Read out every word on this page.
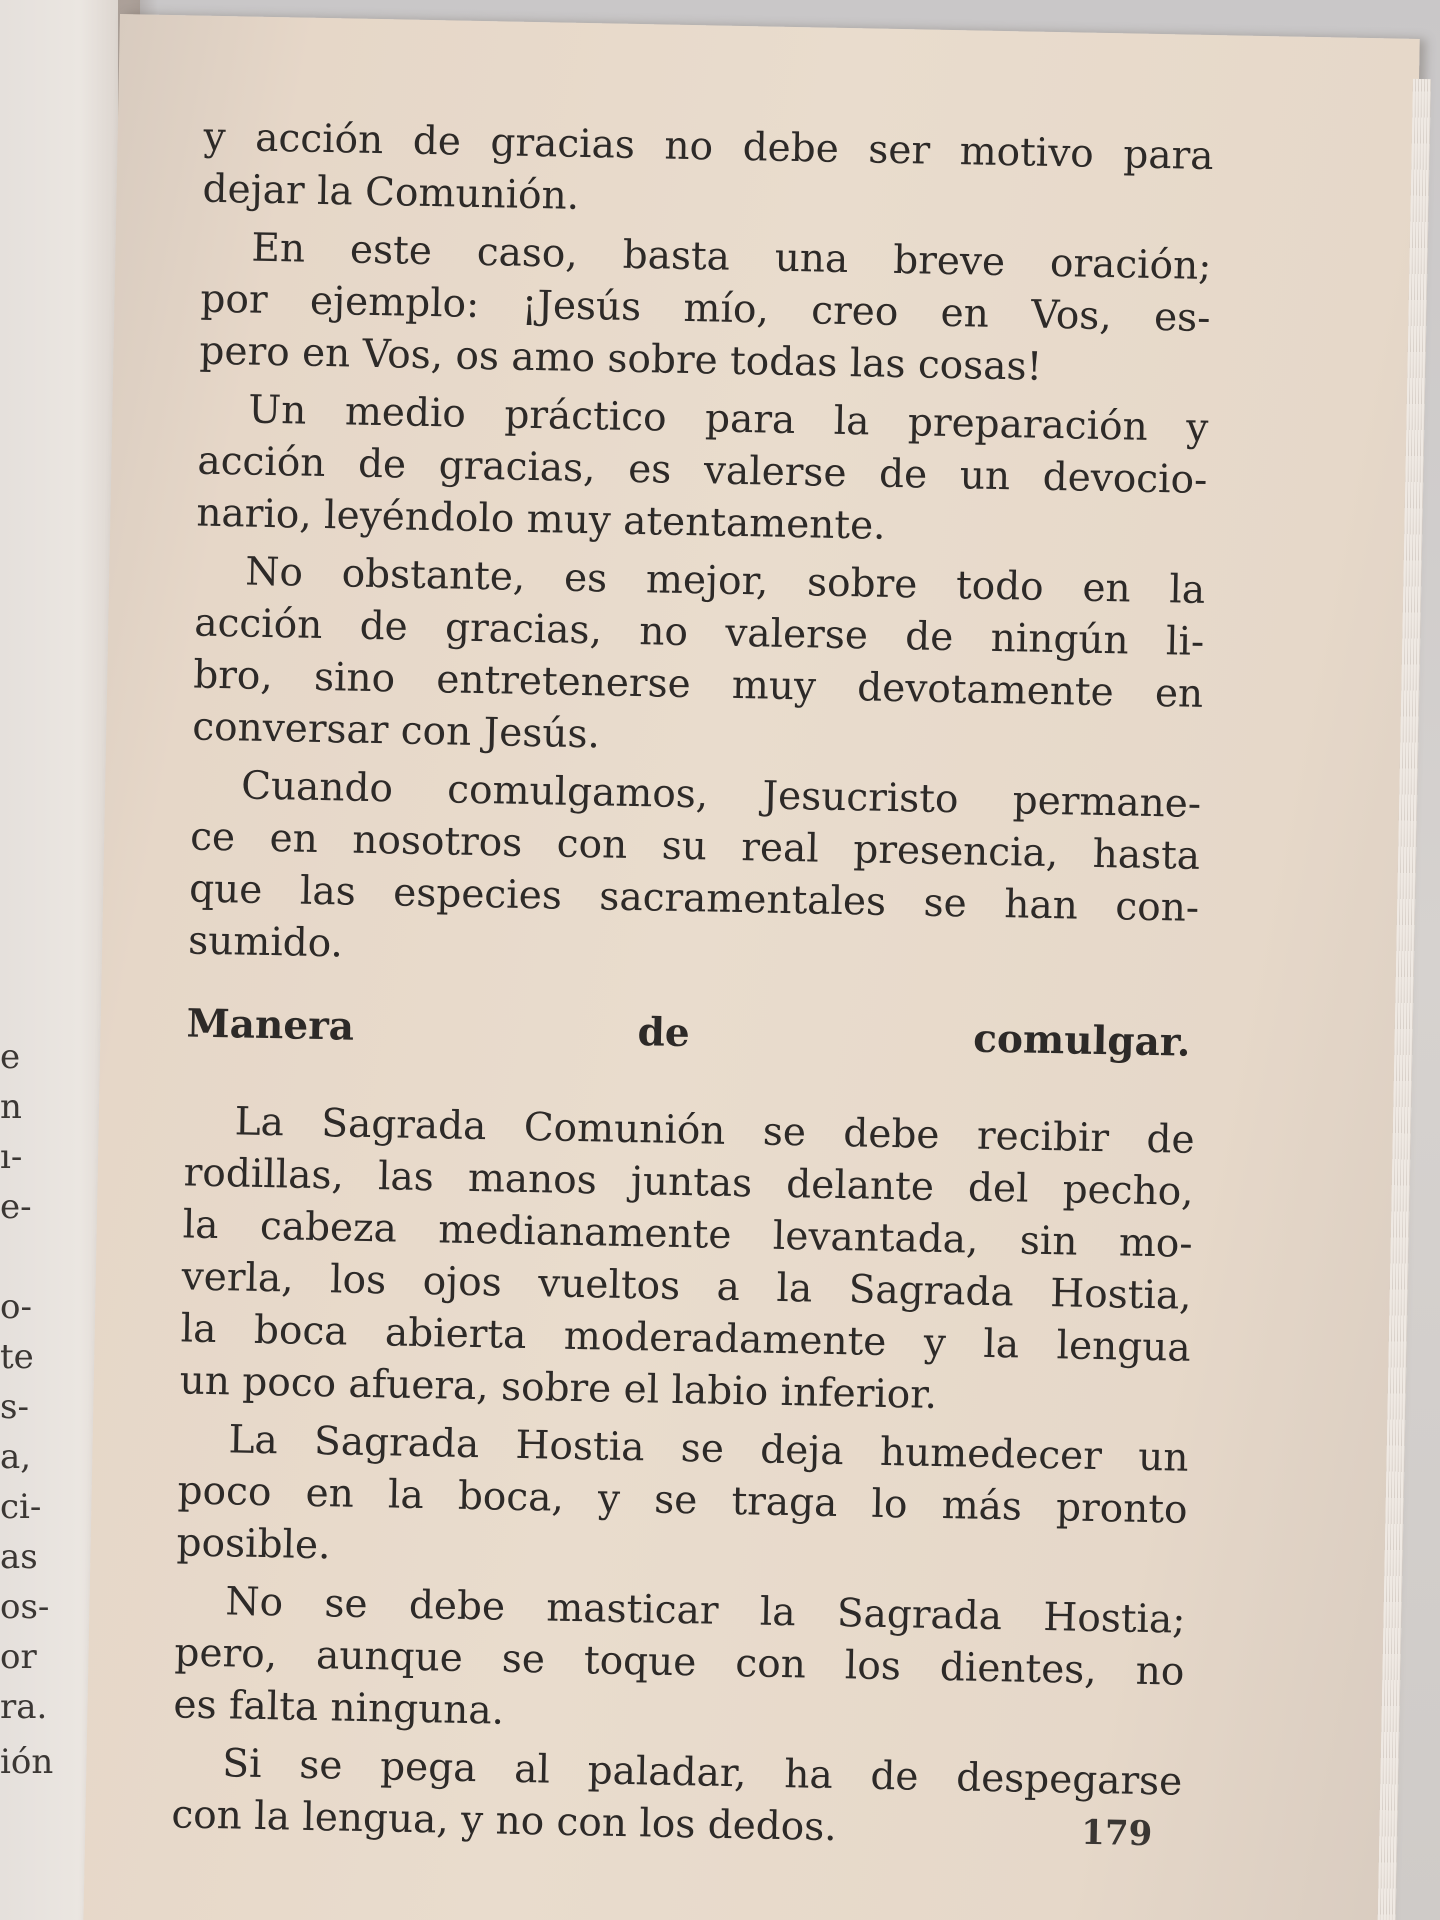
e
n
ı-
e-
o-
te
s-
a,
ci-
as
os-
or
ra.
ión
y acción de gracias no debe ser motivo para
dejar la Comunión.
En este caso, basta una breve oración;
por ejemplo: ¡Jesús mío, creo en Vos, es-
pero en Vos, os amo sobre todas las cosas!
Un medio práctico para la preparación y
acción de gracias, es valerse de un devocio-
nario, leyéndolo muy atentamente.
No obstante, es mejor, sobre todo en la
acción de gracias, no valerse de ningún li-
bro, sino entretenerse muy devotamente en
conversar con Jesús.
Cuando comulgamos, Jesucristo permane-
ce en nosotros con su real presencia, hasta
que las especies sacramentales se han con-
sumido.
Manera de comulgar.
La Sagrada Comunión se debe recibir de
rodillas, las manos juntas delante del pecho,
la cabeza medianamente levantada, sin mo-
verla, los ojos vueltos a la Sagrada Hostia,
la boca abierta moderadamente y la lengua
un poco afuera, sobre el labio inferior.
La Sagrada Hostia se deja humedecer un
poco en la boca, y se traga lo más pronto
posible.
No se debe masticar la Sagrada Hostia;
pero, aunque se toque con los dientes, no
es falta ninguna.
Si se pega al paladar, ha de despegarse
con la lengua, y no con los dedos.	179
